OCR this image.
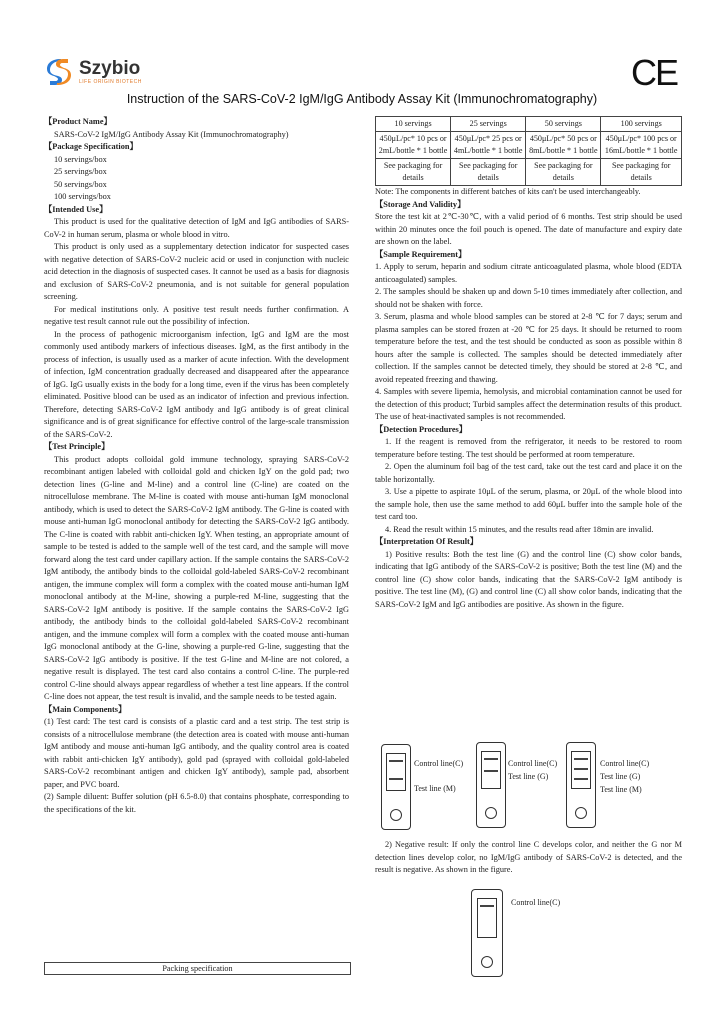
Szybio
LIFE ORIGIN BIOTECH	CE
Instruction of the SARS-CoV-2 IgM/IgG Antibody Assay Kit (Immunochromatography)

【Product Name】

SARS-CoV-2 IgM/IgG Antibody Assay Kit (Immunochromatography)

【Package Specification】

10 servings/box

25 servings/box

50 servings/box

100 servings/box

【Intended Use】

This product is used for the qualitative detection of IgM and IgG antibodies of SARS-CoV-2 in human serum, plasma or whole blood in vitro.

This product is only used as a supplementary detection indicator for suspected cases with negative detection of SARS-CoV-2 nucleic acid or used in conjunction with nucleic acid detection in the diagnosis of suspected cases. It cannot be used as a basis for diagnosis and exclusion of SARS-CoV-2 pneumonia, and is not suitable for general population screening.

For medical institutions only. A positive test result needs further confirmation. A negative test result cannot rule out the possibility of infection.

In the process of pathogenic microorganism infection, IgG and IgM are the most commonly used antibody markers of infectious diseases. IgM, as the first antibody in the process of infection, is usually used as a marker of acute infection. With the development of infection, IgM concentration gradually decreased and disappeared after the appearance of IgG. IgG usually exists in the body for a long time, even if the virus has been completely eliminated. Positive blood can be used as an indicator of infection and previous infection. Therefore, detecting SARS-CoV-2 IgM antibody and IgG antibody is of great clinical significance and is of great significance for effective control of the large-scale transmission of the SARS-CoV-2.

【Test Principle】

This product adopts colloidal gold immune technology, spraying SARS-CoV-2 recombinant antigen labeled with colloidal gold and chicken IgY on the gold pad; two detection lines (G-line and M-line) and a control line (C-line) are coated on the nitrocellulose membrane. The M-line is coated with mouse anti-human IgM monoclonal antibody, which is used to detect the SARS-CoV-2 IgM antibody. The G-line is coated with mouse anti-human IgG monoclonal antibody for detecting the SARS-CoV-2 IgG antibody. The C-line is coated with rabbit anti-chicken IgY. When testing, an appropriate amount of sample to be tested is added to the sample well of the test card, and the sample will move forward along the test card under capillary action. If the sample contains the SARS-CoV-2 IgM antibody, the antibody binds to the colloidal gold-labeled SARS-CoV-2 recombinant antigen, the immune complex will form a complex with the coated mouse anti-human IgM monoclonal antibody at the M-line, showing a purple-red M-line, suggesting that the SARS-CoV-2 IgM antibody is positive. If the sample contains the SARS-CoV-2 IgG antibody, the antibody binds to the colloidal gold-labeled SARS-CoV-2 recombinant antigen, and the immune complex will form a complex with the coated mouse anti-human IgG monoclonal antibody at the G-line, showing a purple-red G-line, suggesting that the SARS-CoV-2 IgG antibody is positive. If the test G-line and M-line are not colored, a negative result is displayed. The test card also contains a control C-line. The purple-red control C-line should always appear regardless of whether a test line appears. If the control C-line does not appear, the test result is invalid, and the sample needs to be tested again.

【Main Components】

(1) Test card: The test card is consists of a plastic card and a test strip. The test strip is consists of a nitrocellulose membrane (the detection area is coated with mouse anti-human IgM antibody and mouse anti-human IgG antibody, and the quality control area is coated with rabbit anti-chicken IgY antibody), gold pad (sprayed with colloidal gold-labeled SARS-CoV-2 recombinant antigen and chicken IgY antibody), sample pad, absorbent paper, and PVC board.

(2) Sample diluent: Buffer solution (pH 6.5-8.0) that contains phosphate, corresponding to the specifications of the kit.

Packing specification
10 servings	25 servings	50 servings	100 servings
450μL/pc* 10 pcs or 2mL/bottle * 1 bottle	450μL/pc* 25 pcs or 4mL/bottle * 1 bottle	450μL/pc* 50 pcs or 8mL/bottle * 1 bottle	450μL/pc* 100 pcs or 16mL/bottle * 1 bottle
See packaging for details	See packaging for details	See packaging for details	See packaging for details

Note: The components in different batches of kits can't be used interchangeably.

【Storage And Validity】

Store the test kit at 2℃-30℃, with a valid period of 6 months. Test strip should be used within 20 minutes once the foil pouch is opened. The date of manufacture and expiry date are shown on the label.

【Sample Requirement】

1. Apply to serum, heparin and sodium citrate anticoagulated plasma, whole blood (EDTA anticoagulated) samples.

2. The samples should be shaken up and down 5-10 times immediately after collection, and should not be shaken with force.

3. Serum, plasma and whole blood samples can be stored at 2-8 ℃ for 7 days; serum and plasma samples can be stored frozen at -20 ℃ for 25 days. It should be returned to room temperature before the test, and the test should be conducted as soon as possible within 8 hours after the sample is collected. The samples should be detected immediately after collection. If the samples cannot be detected timely, they should be stored at 2-8 ℃, and avoid repeated freezing and thawing.

4. Samples with severe lipemia, hemolysis, and microbial contamination cannot be used for the detection of this product; Turbid samples affect the determination results of this product. The use of heat-inactivated samples is not recommended.

【Detection Procedures】

1. If the reagent is removed from the refrigerator, it needs to be restored to room temperature before testing. The test should be performed at room temperature.

2. Open the aluminum foil bag of the test card, take out the test card and place it on the table horizontally.

3. Use a pipette to aspirate 10μL of the serum, plasma, or 20μL of the whole blood into the sample hole, then use the same method to add 60μL buffer into the sample hole of the test card too.

4. Read the result within 15 minutes, and the results read after 18min are invalid.

【Interpretation Of Result】

1) Positive results: Both the test line (G) and the control line (C) show color bands, indicating that IgG antibody of the SARS-CoV-2 is positive; Both the test line (M) and the control line (C) show color bands, indicating that the SARS-CoV-2 IgM antibody is positive. The test line (M), (G) and control line (C) all show color bands, indicating that the SARS-CoV-2 IgM and IgG antibodies are positive. As shown in the figure.

Control line(C)
Test line (M)
Control line(C)
Test line (G)
Control line(C)
Test line (G)
Test line (M)

2) Negative result: If only the control line C develops color, and neither the G nor M detection lines develop color, no IgM/IgG antibody of SARS-CoV-2 is detected, and the result is negative. As shown in the figure.

Control line(C)
